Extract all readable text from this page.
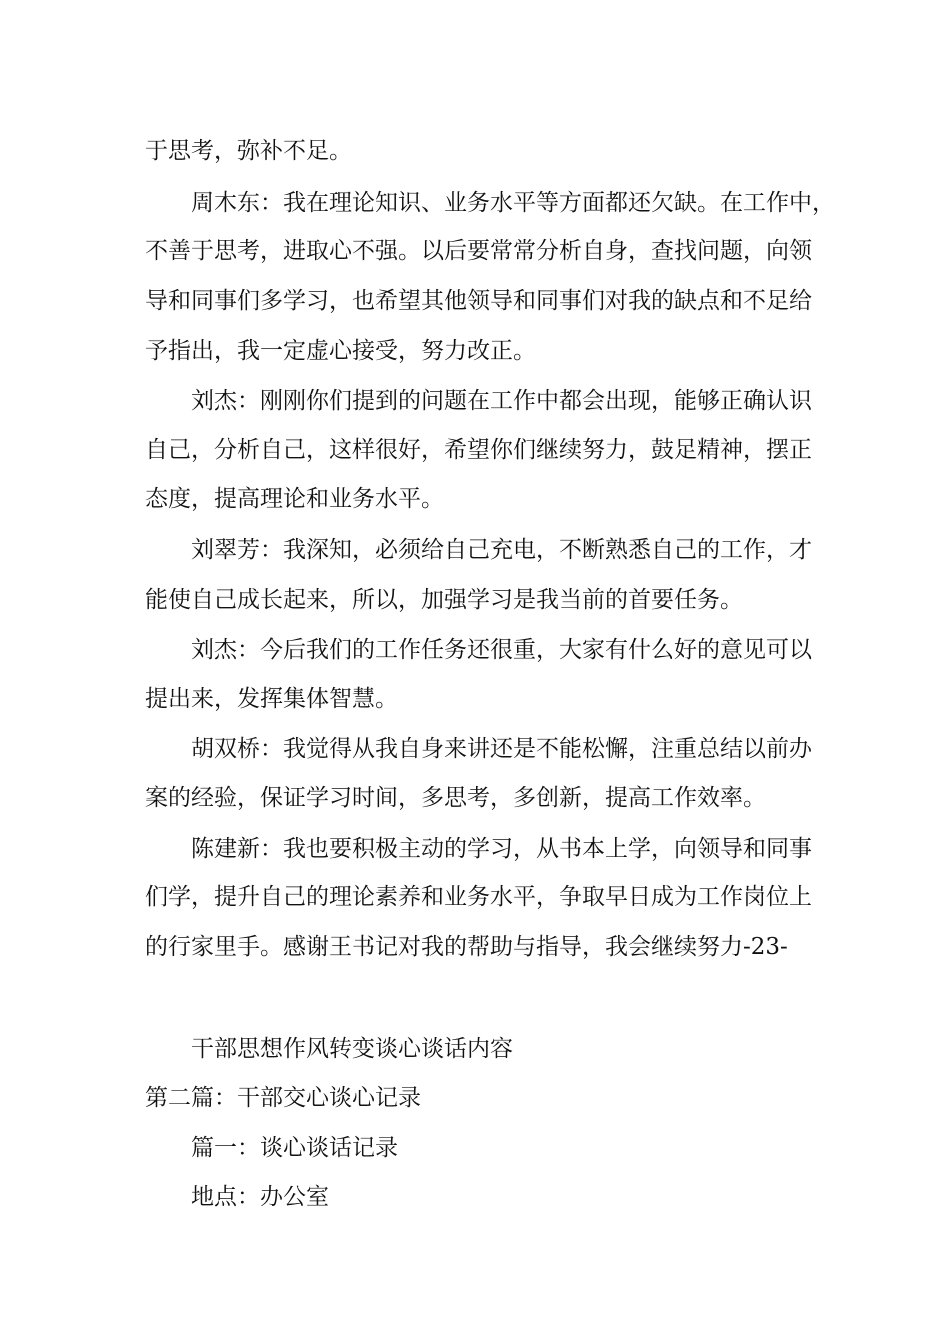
于思考，弥补不足。
周木东：我在理论知识、业务水平等方面都还欠缺。在工作中，
不善于思考，进取心不强。以后要常常分析自身，查找问题，向领
导和同事们多学习，也希望其他领导和同事们对我的缺点和不足给
予指出，我一定虚心接受，努力改正。
刘杰：刚刚你们提到的问题在工作中都会出现，能够正确认识
自己，分析自己，这样很好，希望你们继续努力，鼓足精神，摆正
态度，提高理论和业务水平。
刘翠芳：我深知，必须给自己充电，不断熟悉自己的工作，才
能使自己成长起来，所以，加强学习是我当前的首要任务。
刘杰：今后我们的工作任务还很重，大家有什么好的意见可以
提出来，发挥集体智慧。
胡双桥：我觉得从我自身来讲还是不能松懈，注重总结以前办
案的经验，保证学习时间，多思考，多创新，提高工作效率。
陈建新：我也要积极主动的学习，从书本上学，向领导和同事
们学，提升自己的理论素养和业务水平，争取早日成为工作岗位上
的行家里手。感谢王书记对我的帮助与指导，我会继续努力-23-
干部思想作风转变谈心谈话内容
第二篇：干部交心谈心记录
篇一：谈心谈话记录
地点：办公室
